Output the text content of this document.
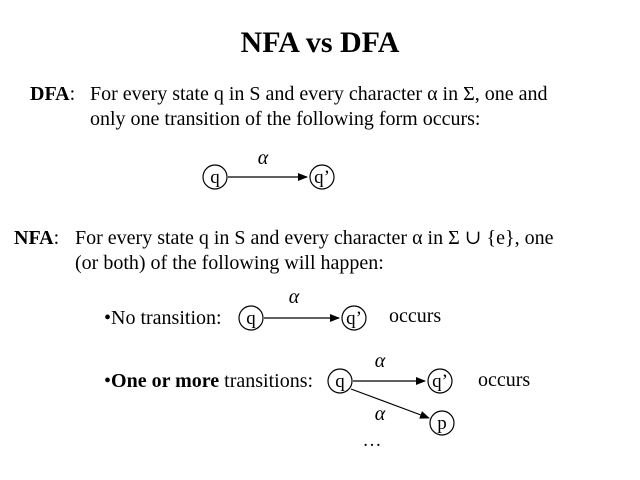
NFA vs DFA
DFA: For every state q in S and every character α in Σ, one and
only one transition of the following form occurs:
NFA: For every state q in S and every character α in Σ ∪ {e}, one
(or both) of the following will happen:
•No transition:	occurs
•One or more transitions:	occurs
q
α
q’
q
α
q’
q
α
q’
α	p
…
